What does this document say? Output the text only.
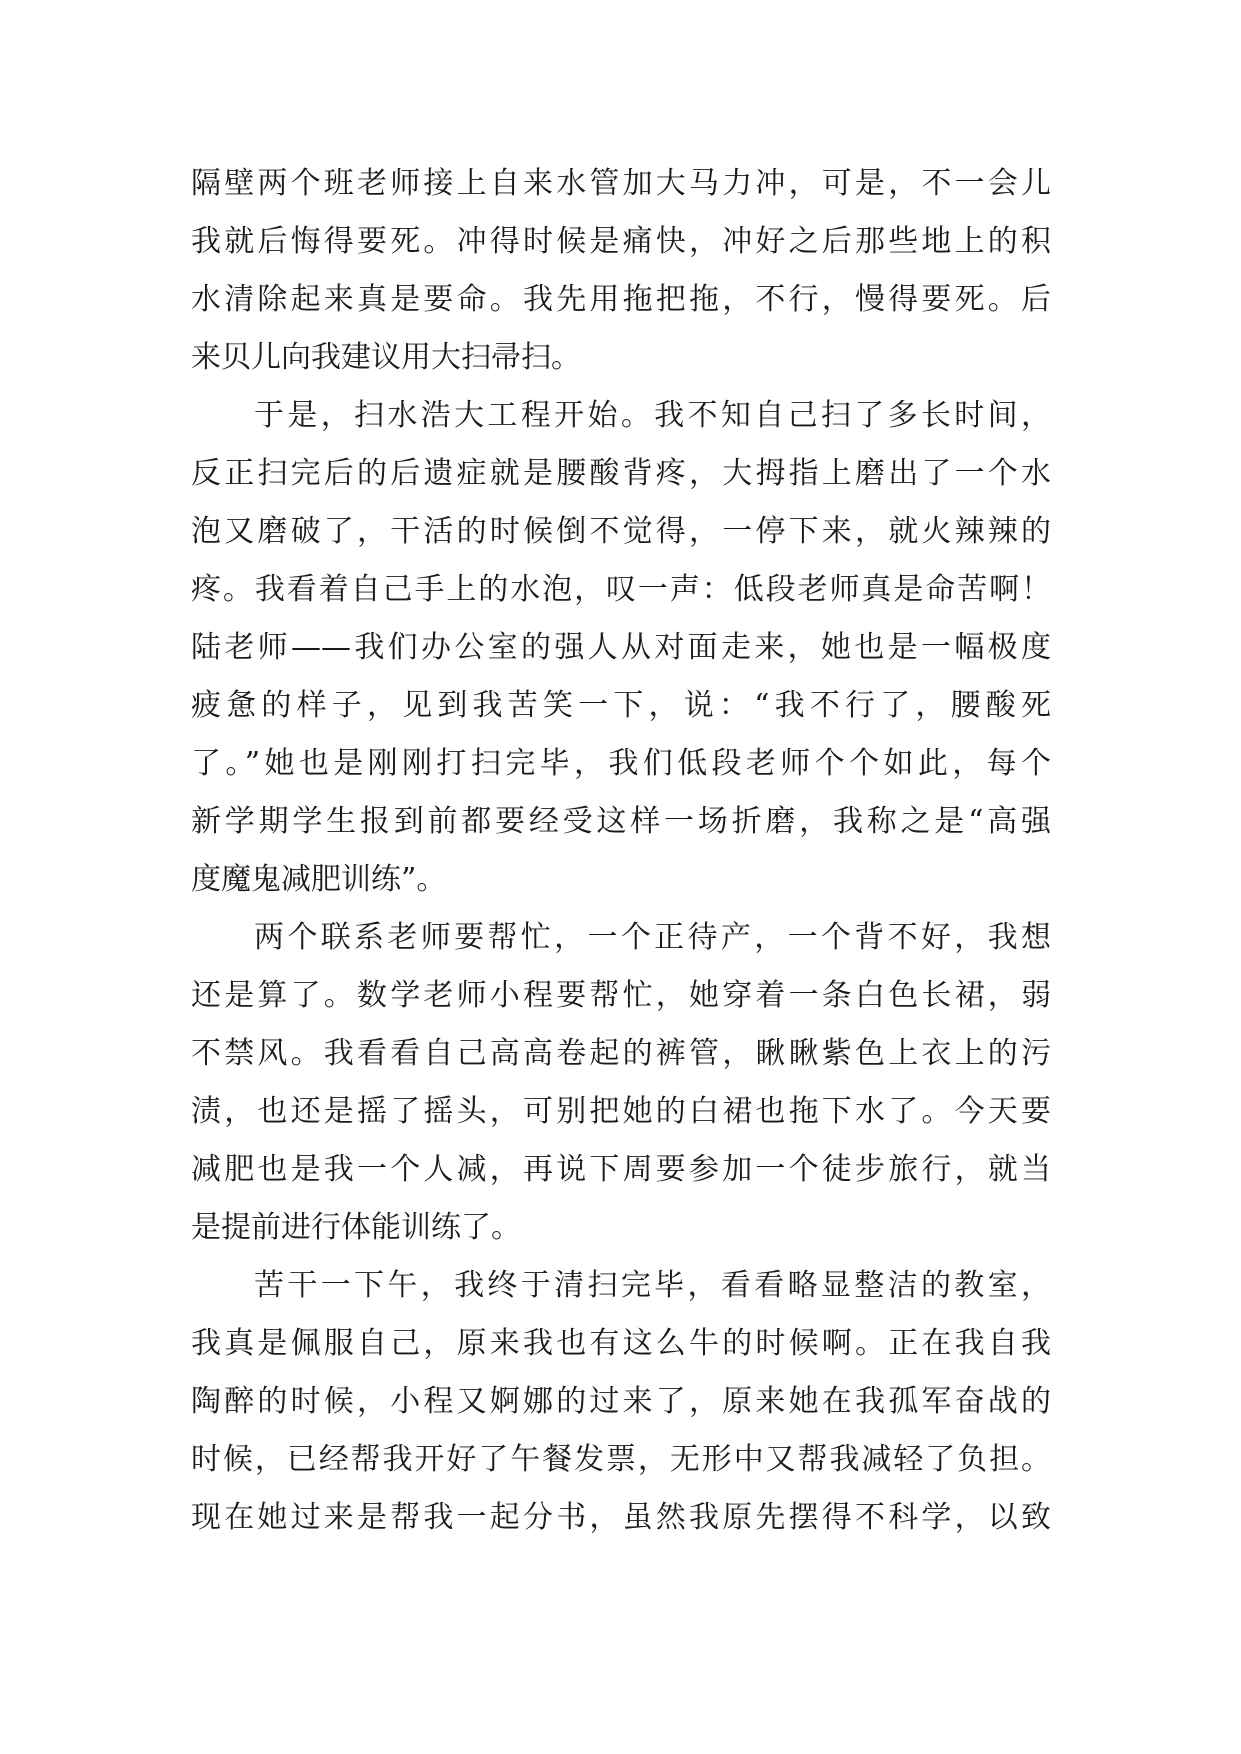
隔壁两个班老师接上自来水管加大马力冲，可是，不一会儿
我就后悔得要死。冲得时候是痛快，冲好之后那些地上的积
水清除起来真是要命。我先用拖把拖，不行，慢得要死。后
来贝儿向我建议用大扫帚扫。
于是，扫水浩大工程开始。我不知自己扫了多长时间，
反正扫完后的后遗症就是腰酸背疼，大拇指上磨出了一个水
泡又磨破了，干活的时候倒不觉得，一停下来，就火辣辣的
疼。我看着自己手上的水泡，叹一声：低段老师真是命苦啊！
陆老师——我们办公室的强人从对面走来，她也是一幅极度
疲惫的样子，见到我苦笑一下，说：“我不行了，腰酸死
了。”她也是刚刚打扫完毕，我们低段老师个个如此，每个
新学期学生报到前都要经受这样一场折磨，我称之是“高强
度魔鬼减肥训练”。
两个联系老师要帮忙，一个正待产，一个背不好，我想
还是算了。数学老师小程要帮忙，她穿着一条白色长裙，弱
不禁风。我看看自己高高卷起的裤管，瞅瞅紫色上衣上的污
渍，也还是摇了摇头，可别把她的白裙也拖下水了。今天要
减肥也是我一个人减，再说下周要参加一个徒步旅行，就当
是提前进行体能训练了。
苦干一下午，我终于清扫完毕，看看略显整洁的教室，
我真是佩服自己，原来我也有这么牛的时候啊。正在我自我
陶醉的时候，小程又婀娜的过来了，原来她在我孤军奋战的
时候，已经帮我开好了午餐发票，无形中又帮我减轻了负担。
现在她过来是帮我一起分书，虽然我原先摆得不科学，以致
